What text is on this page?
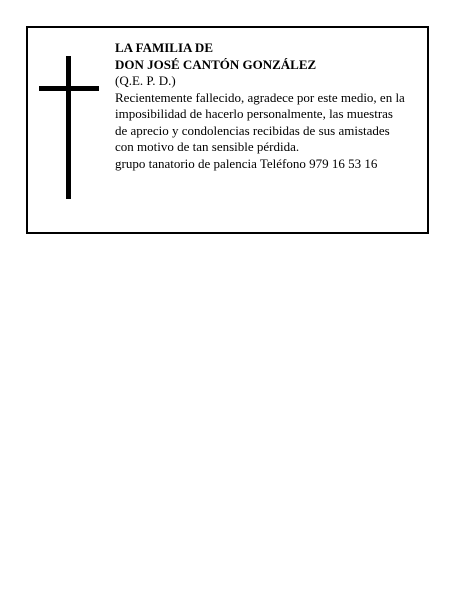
LA FAMILIA DE
DON JOSÉ CANTÓN GONZÁLEZ
(Q.E. P. D.)
Recientemente fallecido, agradece por este medio, en la
imposibilidad de hacerlo personalmente, las muestras
de aprecio y condolencias recibidas de sus amistades
con motivo de tan sensible pérdida.
grupo tanatorio de palencia Teléfono 979 16 53 16
